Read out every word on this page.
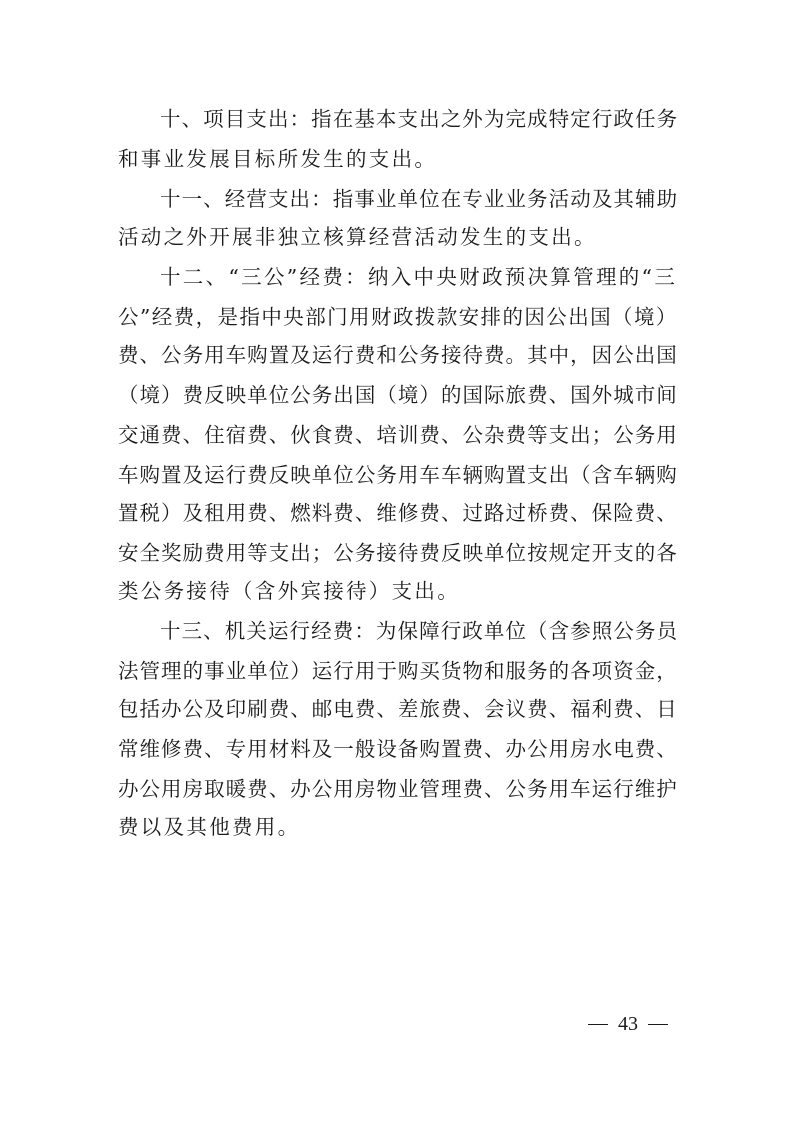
十、项目支出：指在基本支出之外为完成特定行政任务
和事业发展目标所发生的支出。
十一、经营支出：指事业单位在专业业务活动及其辅助
活动之外开展非独立核算经营活动发生的支出。
十二、“三公”经费：纳入中央财政预决算管理的“三
公”经费，是指中央部门用财政拨款安排的因公出国（境）
费、公务用车购置及运行费和公务接待费。其中，因公出国
（境）费反映单位公务出国（境）的国际旅费、国外城市间
交通费、住宿费、伙食费、培训费、公杂费等支出；公务用
车购置及运行费反映单位公务用车车辆购置支出（含车辆购
置税）及租用费、燃料费、维修费、过路过桥费、保险费、
安全奖励费用等支出；公务接待费反映单位按规定开支的各
类公务接待（含外宾接待）支出。
十三、机关运行经费：为保障行政单位（含参照公务员
法管理的事业单位）运行用于购买货物和服务的各项资金，
包括办公及印刷费、邮电费、差旅费、会议费、福利费、日
常维修费、专用材料及一般设备购置费、办公用房水电费、
办公用房取暖费、办公用房物业管理费、公务用车运行维护
费以及其他费用。
43
